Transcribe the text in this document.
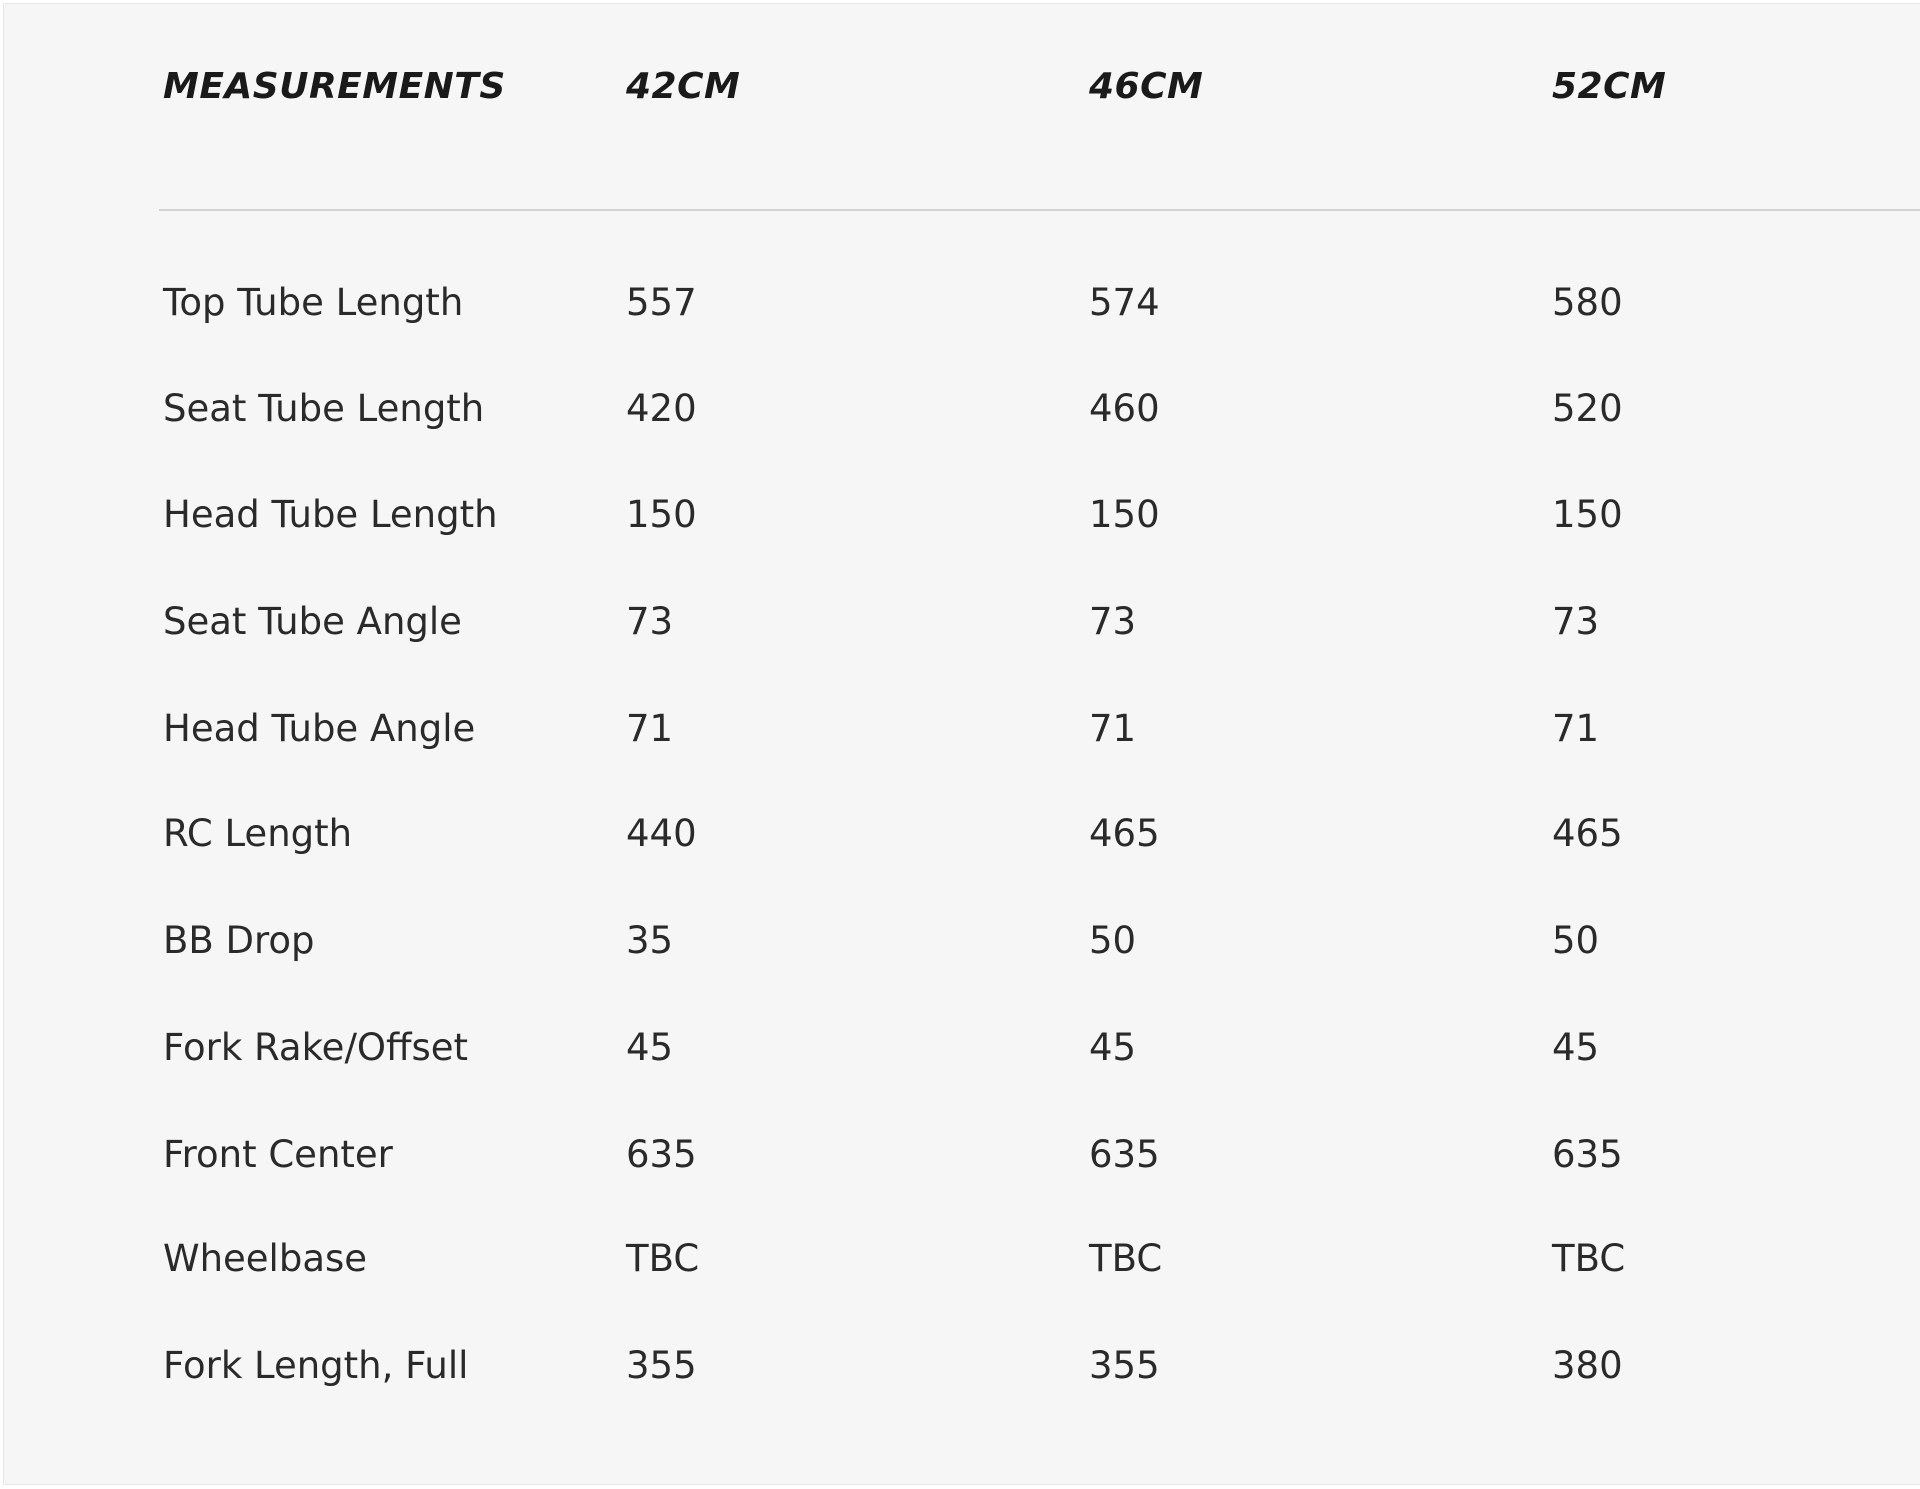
MEASUREMENTS	42CM	46CM	52CM
Top Tube Length	557	574	580
Seat Tube Length	420	460	520
Head Tube Length	150	150	150
Seat Tube Angle	73	73	73
Head Tube Angle	71	71	71
RC Length	440	465	465
BB Drop	35	50	50
Fork Rake/Offset	45	45	45
Front Center	635	635	635
Wheelbase	TBC	TBC	TBC
Fork Length, Full	355	355	380
